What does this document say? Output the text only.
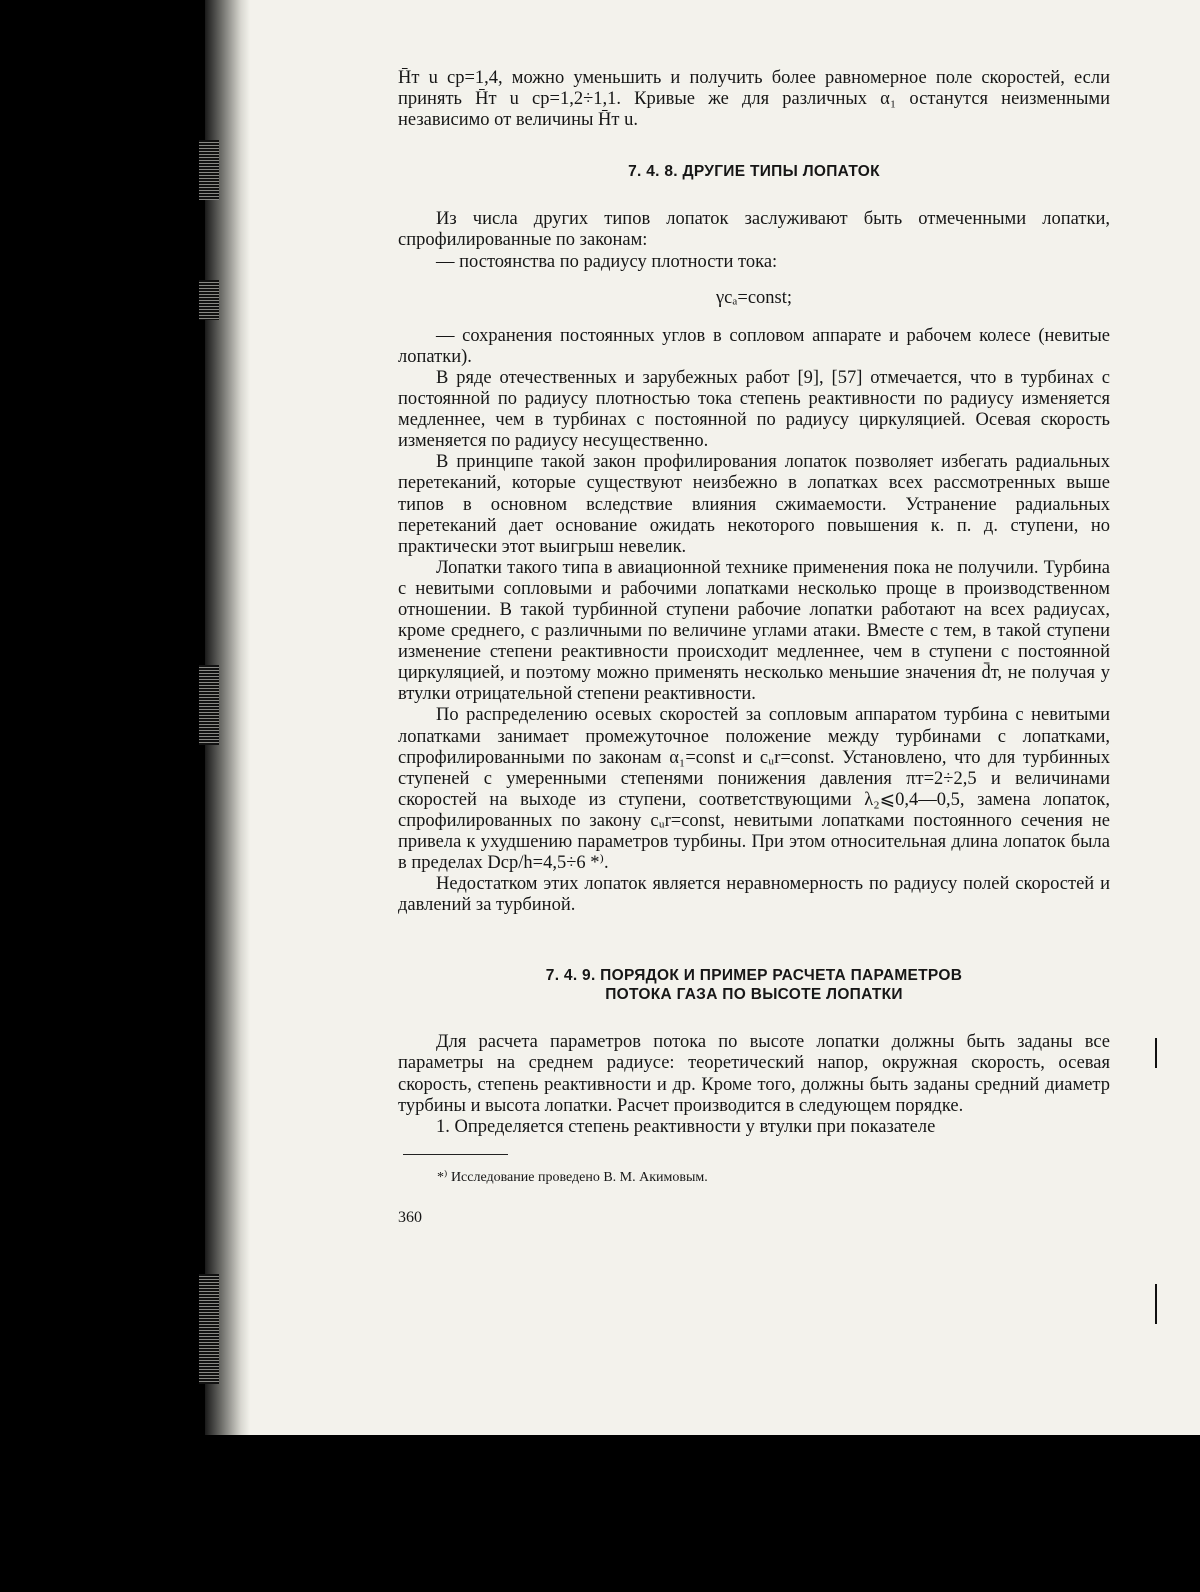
H̄т u ср=1,4, можно уменьшить и получить более равномерное поле скоростей, если принять H̄т u ср=1,2÷1,1. Кривые же для различных α₁ останутся неизменными независимо от величины H̄т u.

7. 4. 8. ДРУГИЕ ТИПЫ ЛОПАТОК

Из числа других типов лопаток заслуживают быть отмеченными лопатки, спрофилированные по законам:

— постоянства по радиусу плотности тока:

γcₐ=const;

— сохранения постоянных углов в сопловом аппарате и рабочем колесе (невитые лопатки).

В ряде отечественных и зарубежных работ [9], [57] отмечается, что в турбинах с постоянной по радиусу плотностью тока степень реактивности по радиусу изменяется медленнее, чем в турбинах с постоянной по радиусу циркуляцией. Осевая скорость изменяется по радиусу несущественно.

В принципе такой закон профилирования лопаток позволяет избегать радиальных перетеканий, которые существуют неизбежно в лопатках всех рассмотренных выше типов в основном вследствие влияния сжимаемости. Устранение радиальных перетеканий дает основание ожидать некоторого повышения к. п. д. ступени, но практически этот выигрыш невелик.

Лопатки такого типа в авиационной технике применения пока не получили. Турбина с невитыми сопловыми и рабочими лопатками несколько проще в производственном отношении. В такой турбинной ступени рабочие лопатки работают на всех радиусах, кроме среднего, с различными по величине углами атаки. Вместе с тем, в такой ступени изменение степени реактивности происходит медленнее, чем в ступени с постоянной циркуляцией, и поэтому можно применять несколько меньшие значения d̄т, не получая у втулки отрицательной степени реактивности.

По распределению осевых скоростей за сопловым аппаратом турбина с невитыми лопатками занимает промежуточное положение между турбинами с лопатками, спрофилированными по законам α₁=const и cᵤr=const. Установлено, что для турбинных ступеней с умеренными степенями понижения давления πт=2÷2,5 и величинами скоростей на выходе из ступени, соответствующими λ₂⩽0,4—0,5, замена лопаток, спрофилированных по закону cᵤr=const, невитыми лопатками постоянного сечения не привела к ухудшению параметров турбины. При этом относительная длина лопаток была в пределах Dср/h=4,5÷6 *⁾.

Недостатком этих лопаток является неравномерность по радиусу полей скоростей и давлений за турбиной.

7. 4. 9. ПОРЯДОК И ПРИМЕР РАСЧЕТА ПАРАМЕТРОВ
ПОТОКА ГАЗА ПО ВЫСОТЕ ЛОПАТКИ

Для расчета параметров потока по высоте лопатки должны быть заданы все параметры на среднем радиусе: теоретический напор, окружная скорость, осевая скорость, степень реактивности и др. Кроме того, должны быть заданы средний диаметр турбины и высота лопатки. Расчет производится в следующем порядке.

1. Определяется степень реактивности у втулки при показателе

*⁾ Исследование проведено В. М. Акимовым.

360
